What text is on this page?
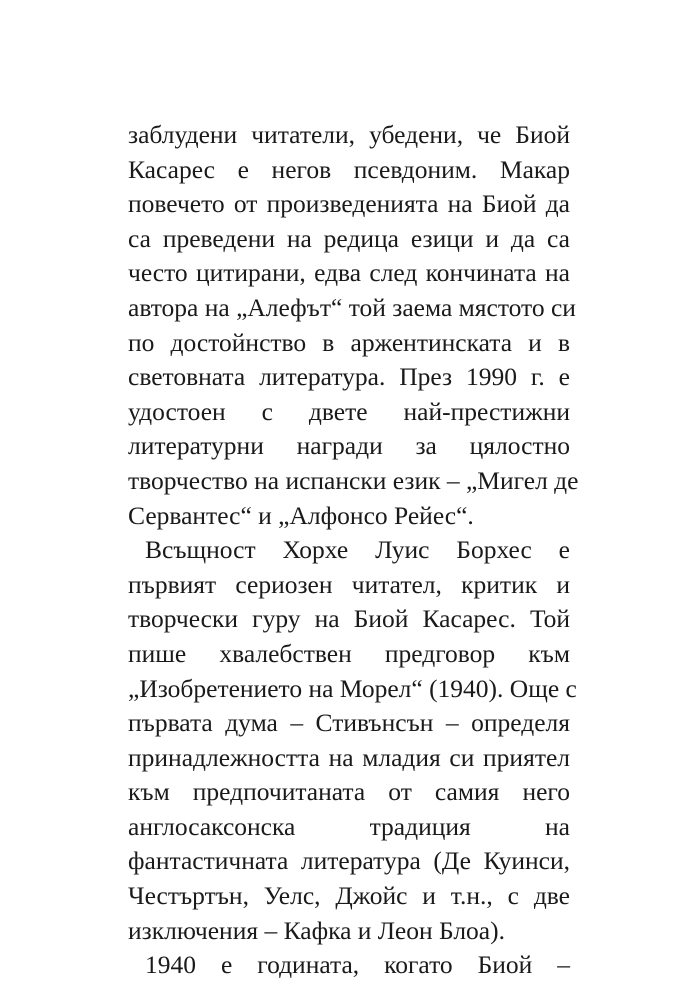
заблудени читатели, убедени, че Биой
Касарес е негов псевдоним. Макар
повечето от произведенията на Биой да
са преведени на редица езици и да са
често цитирани, едва след кончината на
автора на „Алефът“ той заема мястото си
по достойнство в аржентинската и в
световната литература. През 1990 г. е
удостоен с двете най-престижни
литературни награди за цялостно
творчество на испански език – „Мигел де
Сервантес“ и „Алфонсо Рейес“.
Всъщност Хорхе Луис Борхес е
първият сериозен читател, критик и
творчески гуру на Биой Касарес. Той
пише хвалебствен предговор към
„Изобретението на Морел“ (1940). Още с
първата дума – Стивънсън – определя
принадлежността на младия си приятел
към предпочитаната от самия него
англосаксонска традиция на
фантастичната литература (Де Куинси,
Честъртън, Уелс, Джойс и т.н., с две
изключения – Кафка и Леон Блоа).
1940 е годината, когато Биой –
